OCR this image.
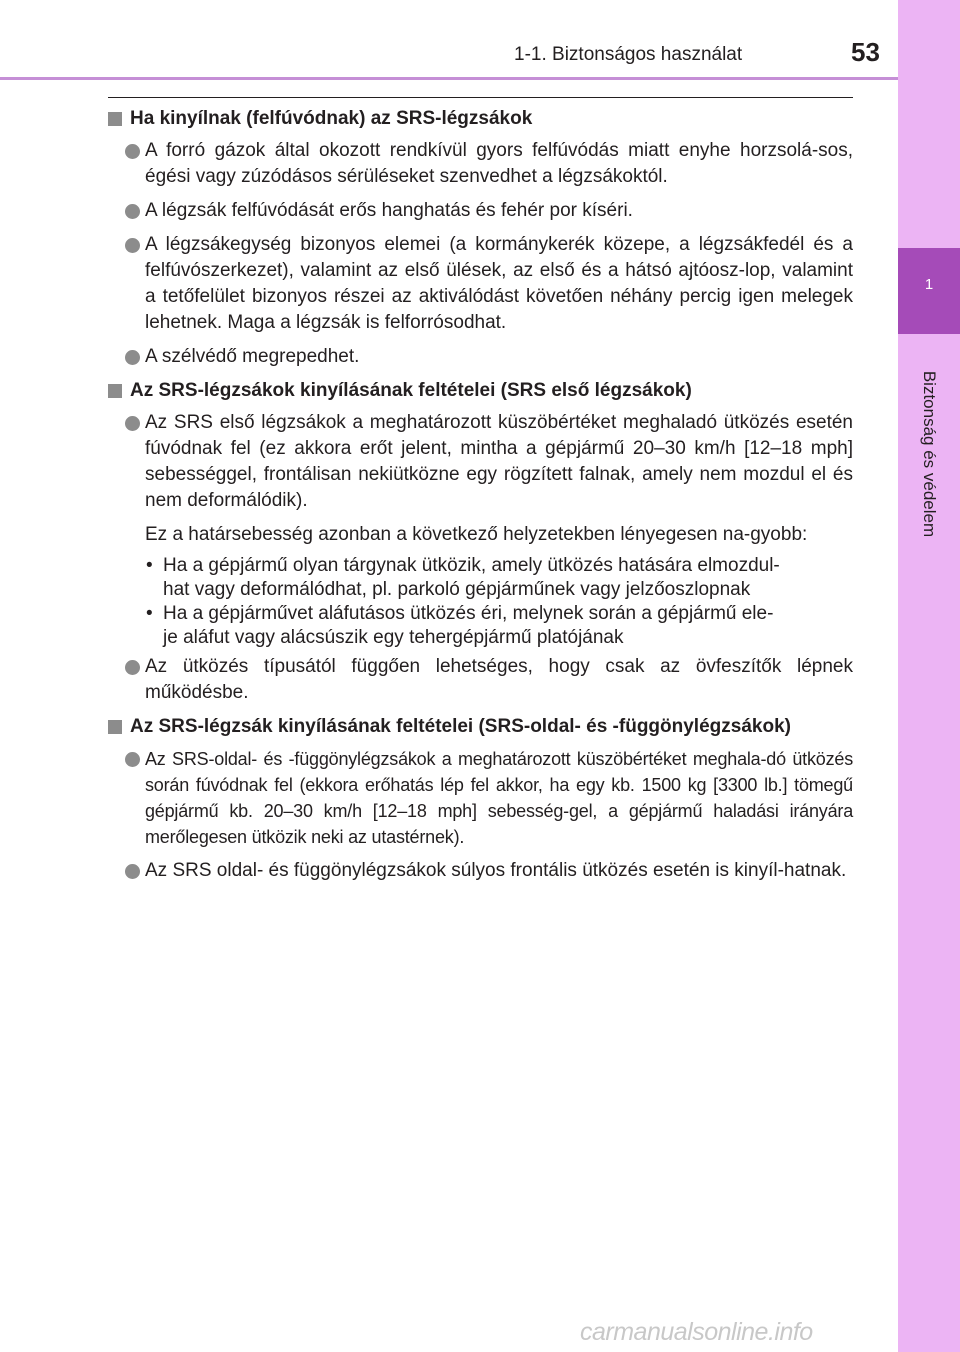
1
Biztonság és védelem
1-1. Biztonságos használat	53
Ha kinyílnak (felfúvódnak) az SRS-légzsákok
A forró gázok által okozott rendkívül gyors felfúvódás miatt enyhe horzsolá-sos, égési vagy zúzódásos sérüléseket szenvedhet a légzsákoktól.
A légzsák felfúvódását erős hanghatás és fehér por kíséri.
A légzsákegység bizonyos elemei (a kormánykerék közepe, a légzsákfedél és a felfúvószerkezet), valamint az első ülések, az első és a hátsó ajtóosz-lop, valamint a tetőfelület bizonyos részei az aktiválódást követően néhány percig igen melegek lehetnek. Maga a légzsák is felforrósodhat.
A szélvédő megrepedhet.
Az SRS-légzsákok kinyílásának feltételei (SRS első légzsákok)
Az SRS első légzsákok a meghatározott küszöbértéket meghaladó ütközés esetén fúvódnak fel (ez akkora erőt jelent, mintha a gépjármű 20–30 km/h [12–18 mph] sebességgel, frontálisan nekiütközne egy rögzített falnak, amely nem mozdul el és nem deformálódik).
Ez a határsebesség azonban a következő helyzetekben lényegesen na-gyobb:
• Ha a gépjármű olyan tárgynak ütközik, amely ütközés hatására elmozdul-
hat vagy deformálódhat, pl. parkoló gépjárműnek vagy jelzőoszlopnak
• Ha a gépjárművet aláfutásos ütközés éri, melynek során a gépjármű ele-
je aláfut vagy alácsúszik egy tehergépjármű platójának
Az ütközés típusától függően lehetséges, hogy csak az övfeszítők lépnek működésbe.
Az SRS-légzsák kinyílásának feltételei (SRS-oldal- és -függönylégzsákok)
Az SRS-oldal- és -függönylégzsákok a meghatározott küszöbértéket meghala-dó ütközés során fúvódnak fel (ekkora erőhatás lép fel akkor, ha egy kb. 1500 kg [3300 lb.] tömegű gépjármű kb. 20–30 km/h [12–18 mph] sebesség-gel, a gépjármű haladási irányára merőlegesen ütközik neki az utastérnek).
Az SRS oldal- és függönylégzsákok súlyos frontális ütközés esetén is kinyíl-hatnak.
carmanualsonline.info
